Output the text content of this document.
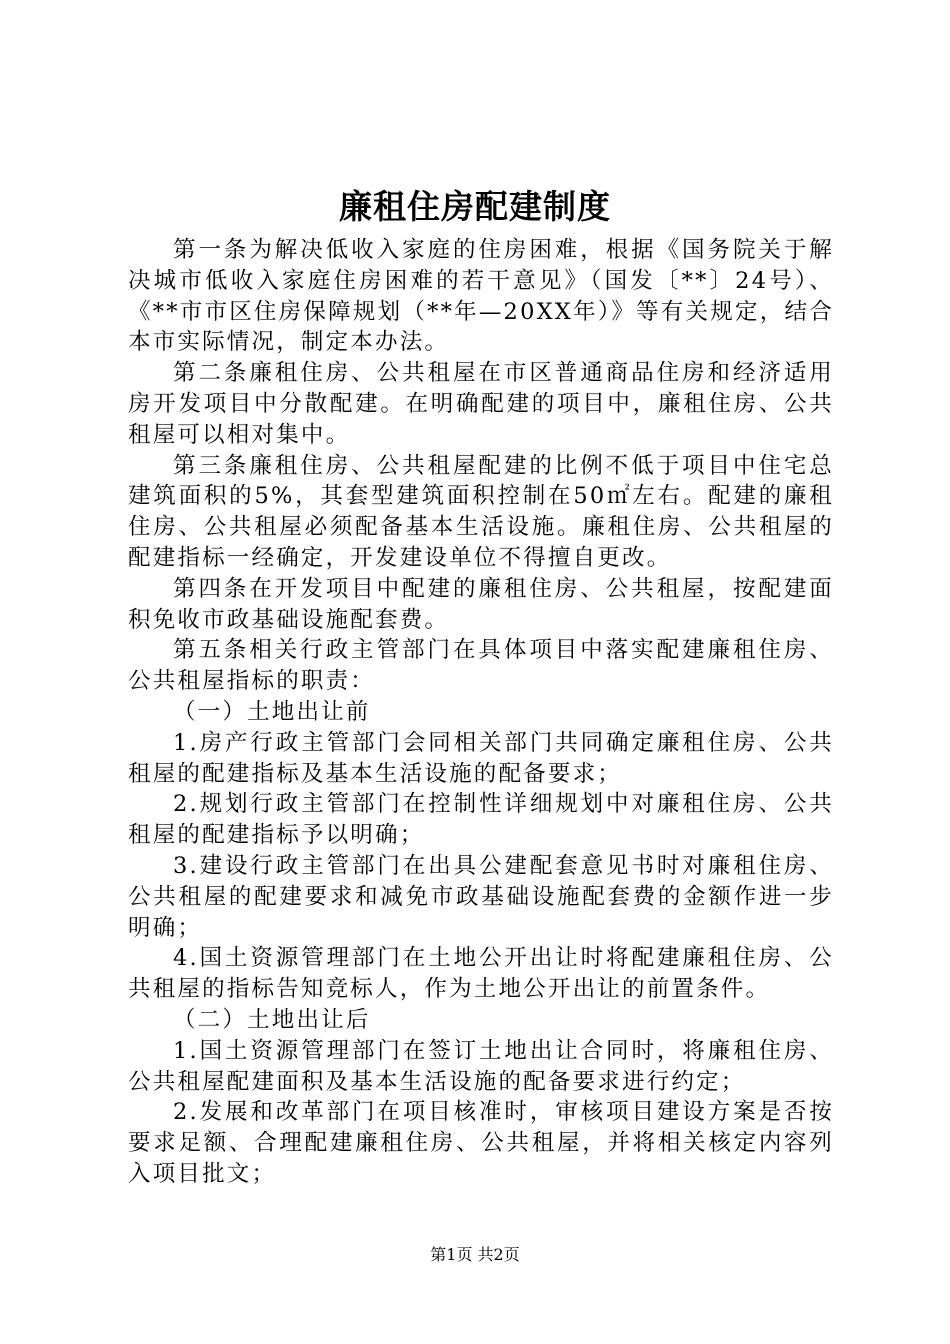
廉租住房配建制度

第一条为解决低收入家庭的住房困难，根据《国务院关于解决城市低收入家庭住房困难的若干意见》（国发〔**〕24号）、《**市市区住房保障规划（**年—20XX年）》等有关规定，结合本市实际情况，制定本办法。

第二条廉租住房、公共租屋在市区普通商品住房和经济适用房开发项目中分散配建。在明确配建的项目中，廉租住房、公共租屋可以相对集中。

第三条廉租住房、公共租屋配建的比例不低于项目中住宅总建筑面积的5%，其套型建筑面积控制在50㎡左右。配建的廉租住房、公共租屋必须配备基本生活设施。廉租住房、公共租屋的配建指标一经确定，开发建设单位不得擅自更改。

第四条在开发项目中配建的廉租住房、公共租屋，按配建面积免收市政基础设施配套费。

第五条相关行政主管部门在具体项目中落实配建廉租住房、公共租屋指标的职责：

（一）土地出让前

1.房产行政主管部门会同相关部门共同确定廉租住房、公共租屋的配建指标及基本生活设施的配备要求；

2.规划行政主管部门在控制性详细规划中对廉租住房、公共租屋的配建指标予以明确；

3.建设行政主管部门在出具公建配套意见书时对廉租住房、公共租屋的配建要求和减免市政基础设施配套费的金额作进一步明确；

4.国土资源管理部门在土地公开出让时将配建廉租住房、公共租屋的指标告知竞标人，作为土地公开出让的前置条件。

（二）土地出让后

1.国土资源管理部门在签订土地出让合同时，将廉租住房、公共租屋配建面积及基本生活设施的配备要求进行约定；

2.发展和改革部门在项目核准时，审核项目建设方案是否按要求足额、合理配建廉租住房、公共租屋，并将相关核定内容列入项目批文；

第1页 共2页
